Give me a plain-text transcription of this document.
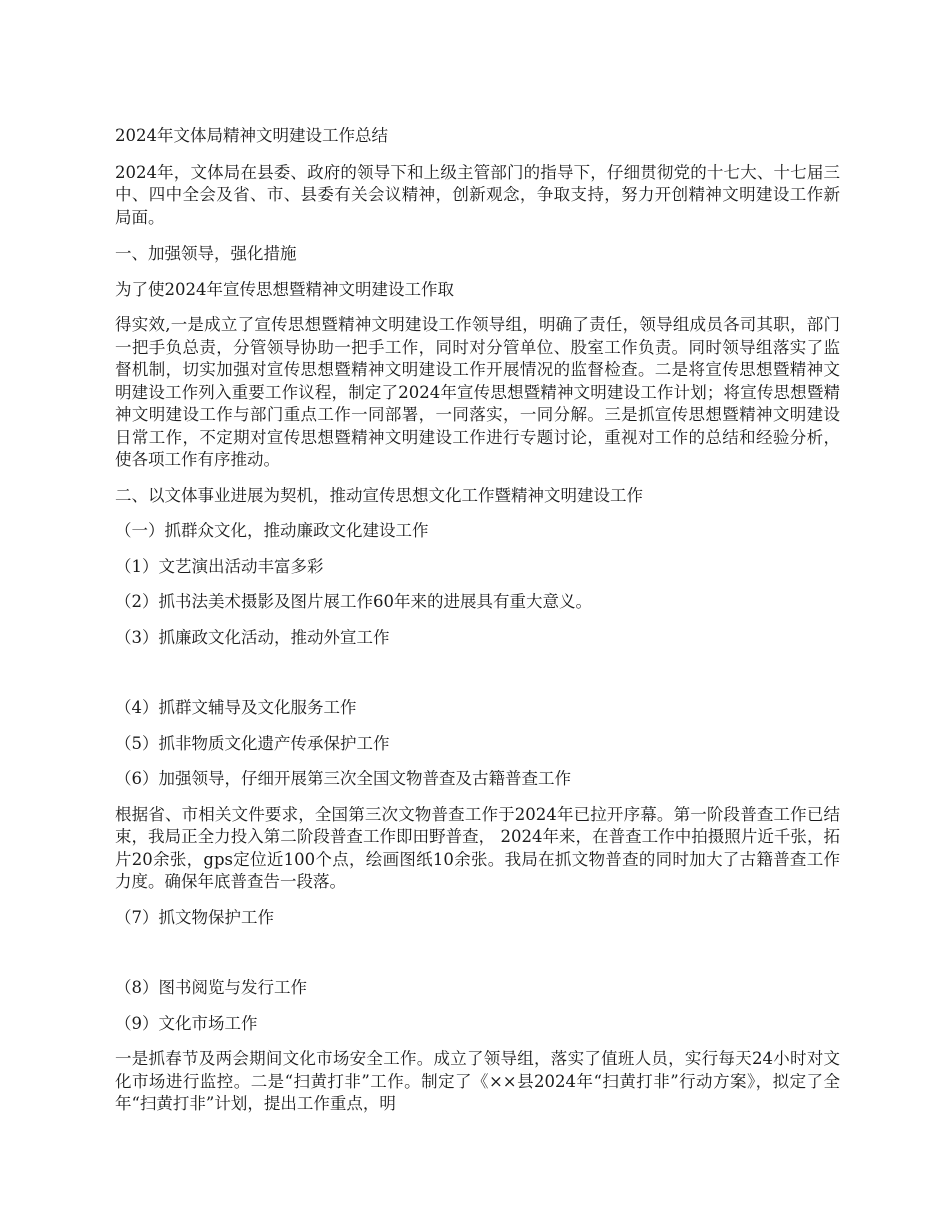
2024年文体局精神文明建设工作总结

2024年，文体局在县委、政府的领导下和上级主管部门的指导下，仔细贯彻党的十七大、十七届三中、四中全会及省、市、县委有关会议精神，创新观念，争取支持，努力开创精神文明建设工作新局面。

一、加强领导，强化措施

为了使2024年宣传思想暨精神文明建设工作取

得实效,一是成立了宣传思想暨精神文明建设工作领导组，明确了责任，领导组成员各司其职，部门一把手负总责，分管领导协助一把手工作，同时对分管单位、股室工作负责。同时领导组落实了监督机制，切实加强对宣传思想暨精神文明建设工作开展情况的监督检查。二是将宣传思想暨精神文明建设工作列入重要工作议程，制定了2024年宣传思想暨精神文明建设工作计划；将宣传思想暨精神文明建设工作与部门重点工作一同部署，一同落实，一同分解。三是抓宣传思想暨精神文明建设日常工作，不定期对宣传思想暨精神文明建设工作进行专题讨论，重视对工作的总结和经验分析，使各项工作有序推动。

二、以文体事业进展为契机，推动宣传思想文化工作暨精神文明建设工作

（一）抓群众文化，推动廉政文化建设工作

（1）文艺演出活动丰富多彩

（2）抓书法美术摄影及图片展工作60年来的进展具有重大意义。

（3）抓廉政文化活动，推动外宣工作

（4）抓群文辅导及文化服务工作

（5）抓非物质文化遗产传承保护工作

（6）加强领导，仔细开展第三次全国文物普查及古籍普查工作

根据省、市相关文件要求，全国第三次文物普查工作于2024年已拉开序幕。第一阶段普查工作已结束，我局正全力投入第二阶段普查工作即田野普查， 2024年来，在普查工作中拍摄照片近千张，拓片20余张，gps定位近100个点，绘画图纸10余张。我局在抓文物普查的同时加大了古籍普查工作力度。确保年底普查告一段落。

（7）抓文物保护工作

（8）图书阅览与发行工作

（9）文化市场工作

一是抓春节及两会期间文化市场安全工作。成立了领导组，落实了值班人员，实行每天24小时对文化市场进行监控。二是“扫黄打非”工作。制定了《××县2024年“扫黄打非”行动方案》，拟定了全年“扫黄打非”计划，提出工作重点，明
